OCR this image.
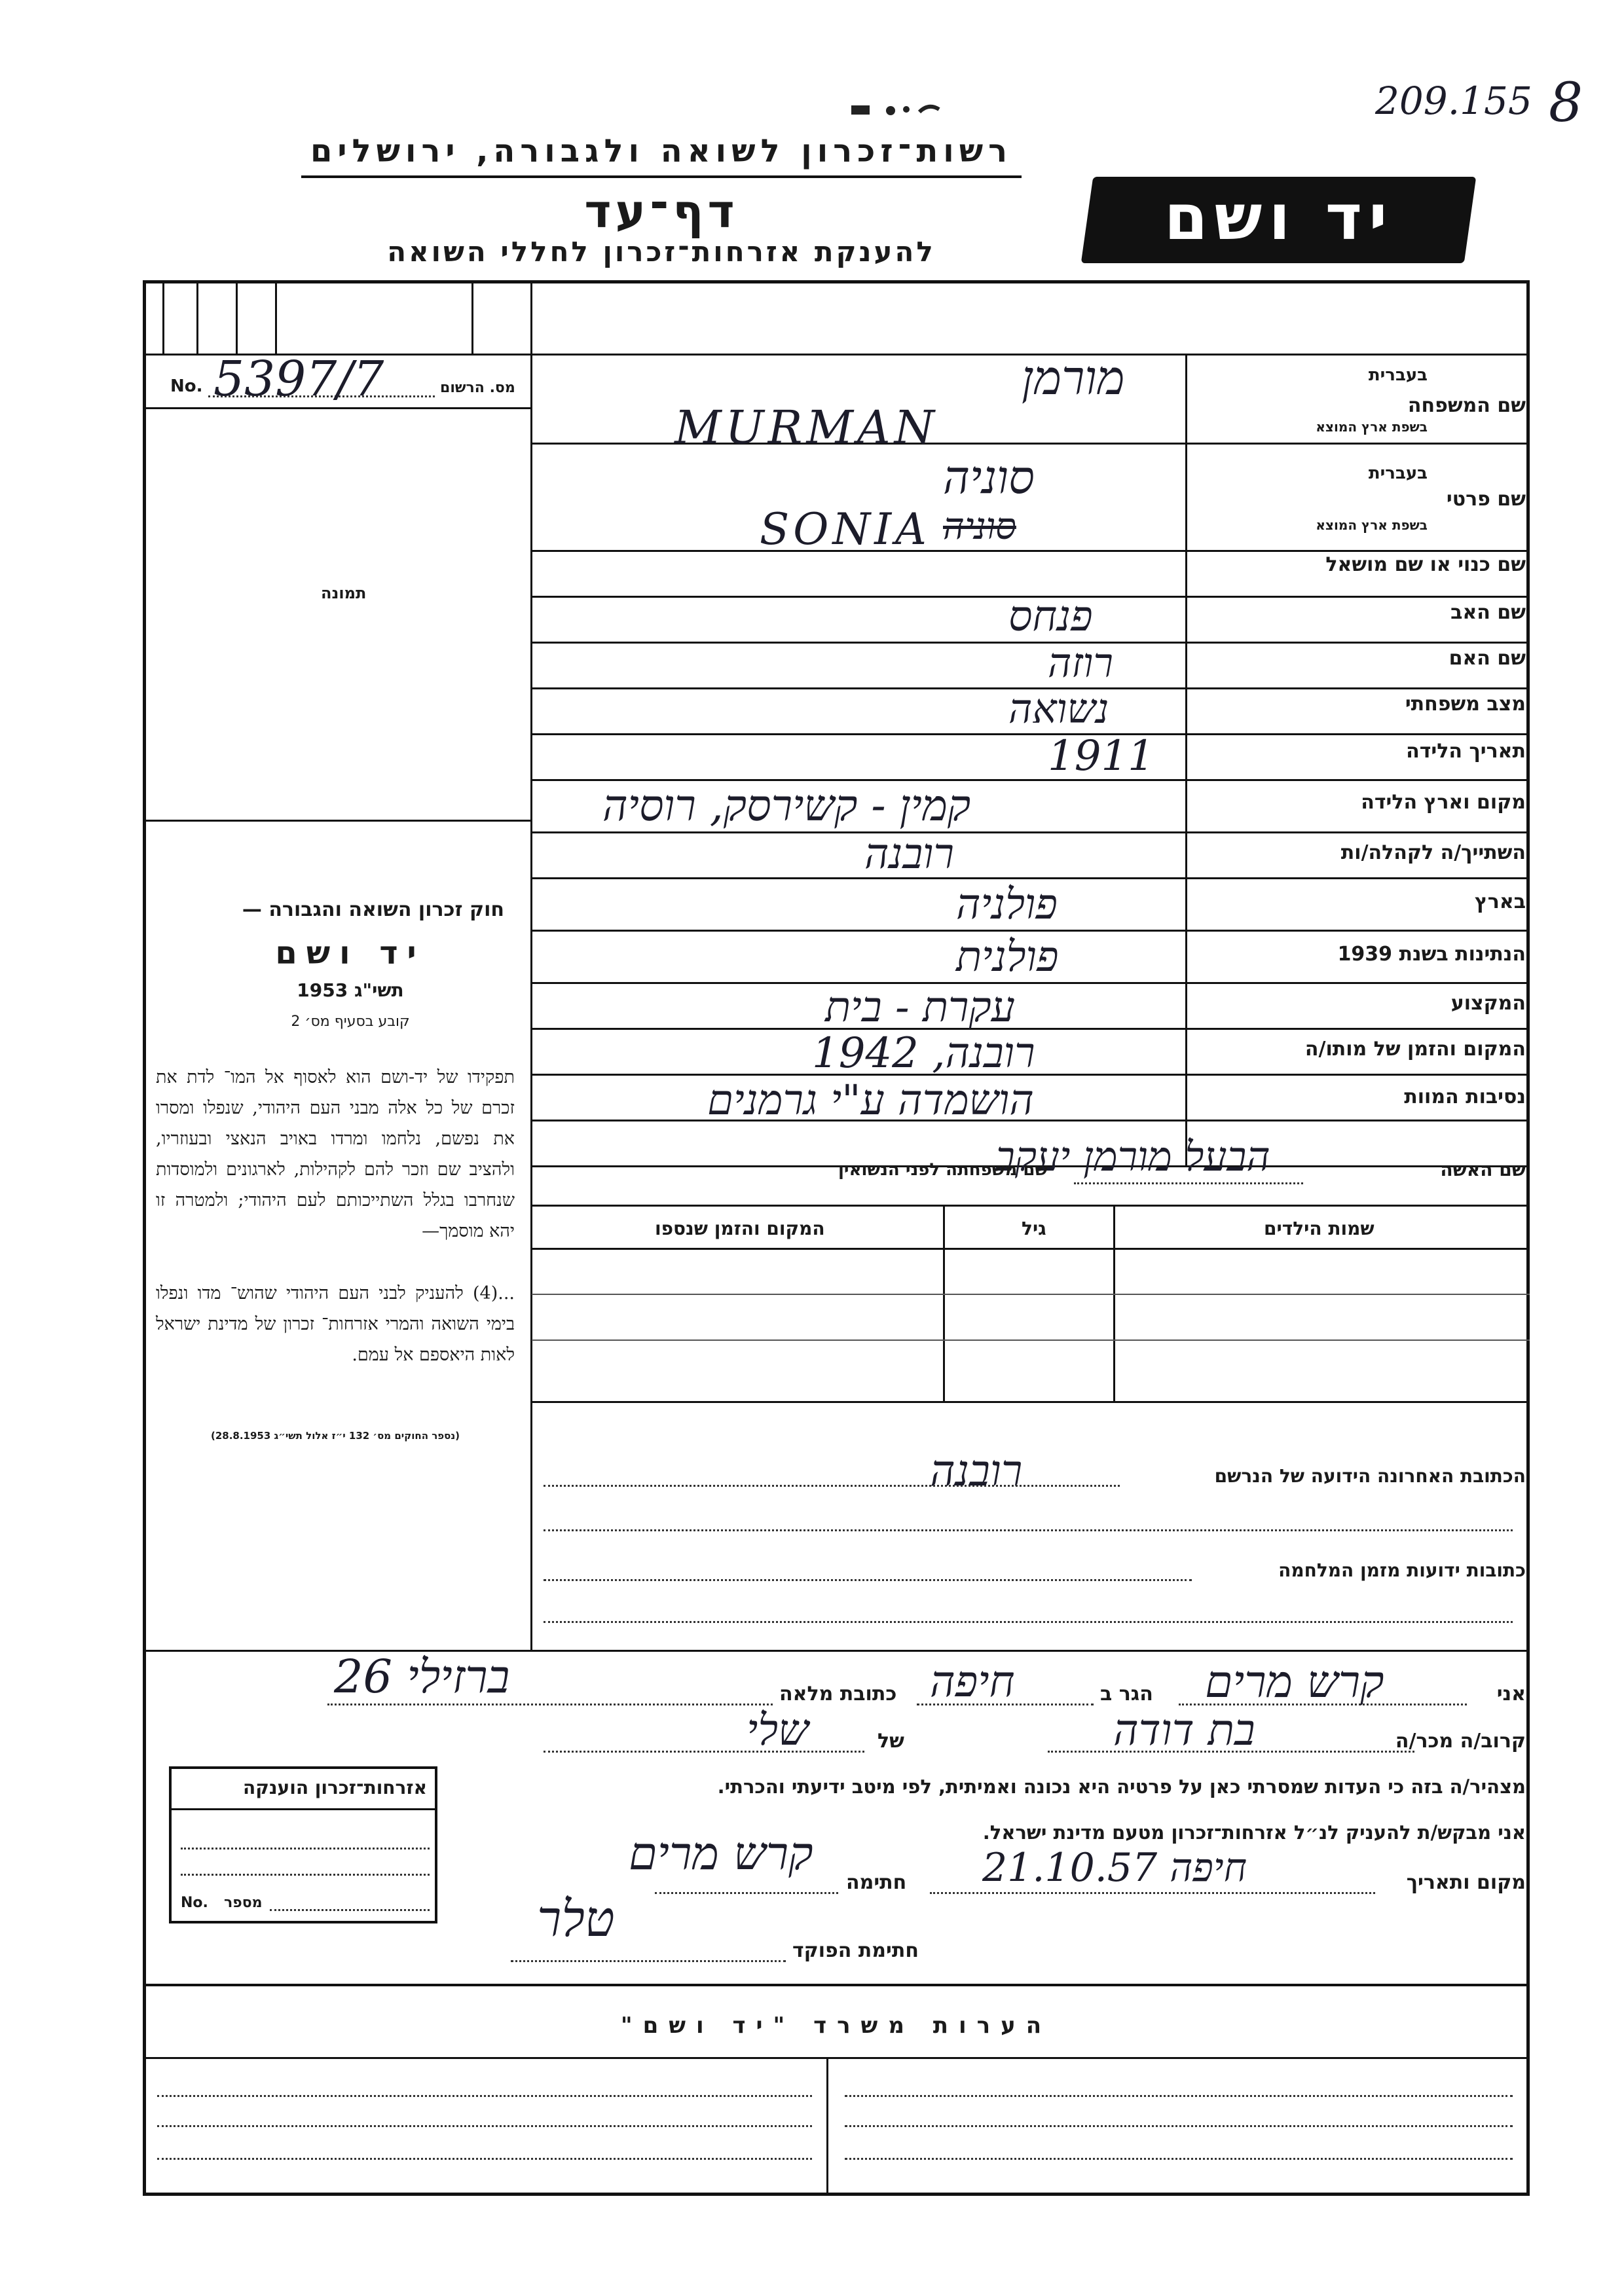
209.155 8
רשות־זכרון לשואה ולגבורה, ירושלים
דף־עד
להענקת אזרחות־זכרון לחללי השואה	יד ושם
מס. הרשום
No. 5397/7
תמונה
חוק זכרון השואה והגבורה —
יד ושם
תשי"ג 1953
קובע בסעיף מס׳ 2
תפקידו של יד-ושם הוא לאסוף אל המו־ לדת את זכרם של כל אלה מבני העם היהודי, שנפלו ומסרו את נפשם, נלחמו ומרדו באויב הנאצי ובעוזריו, ולהציב שם וזכר להם לקהילות, לארגונים ולמוסדות שנחרבו בגלל השתייכותם לעם היהודי; ולמטרה זו יהא מוסמך—
...(4) להעניק לבני העם היהודי שהוש־ מדו ונפלו בימי השואה והמרי אזרחות־ זכרון של מדינת ישראל לאות היאספם אל עמם.
(נספר החוקים מס׳ 132 י״ז אלול תשי״ג 28.8.1953)
שם המשפחה
בעברית
בשפת ארץ המוצא
מורמן
MURMAN
שם פרטי
בעברית
בשפת ארץ המוצא
סוניה
SONIA סוניה
שם כנוי או שם מושאל
שם האב
פנחס
שם האם
רוזה
מצב משפחתי
נשואה
תאריך הלידה
1911
מקום וארץ הלידה
קמין - קשירסק, רוסיה
השתייך/ה לקהלה/ות
רובנה
בארץ
פולניה
הנתינות בשנת 1939
פולנית
המקצוע
עקרת - בית
המקום והזמן של מותו/ה
רובנה, 1942
נסיבות המוות
הושמדה ע"י גרמנים
שם האשה
הבעל מורמן יעקב
שם משפחתה לפני הנשואין
שמות הילדים
גיל
המקום והזמן שנספו
הכתובת האחרונה הידועה של הנרשם
רובנה
כתובות ידועות מזמן המלחמה
אני
קרש מרים
הגר ב
חיפה
כתובת מלאה
ברזילי 26
קרוב/ה מכר/ה
בת דודה
של
שלי
מצהיר/ה בזה כי העדות שמסרתי כאן על פרטיה היא נכונה ואמיתית, לפי מיטב ידיעתי והכרתי.
אני מבקש/ת להעניק לנ״ל אזרחות־זכרון מטעם מדינת ישראל.
מקום ותאריך
חיפה 21.10.57
חתימה
קרש מרים
טלר
חתימת הפוקד
אזרחות־זכרון הוענקה
No. מספר
הערות משרד "יד ושם"
